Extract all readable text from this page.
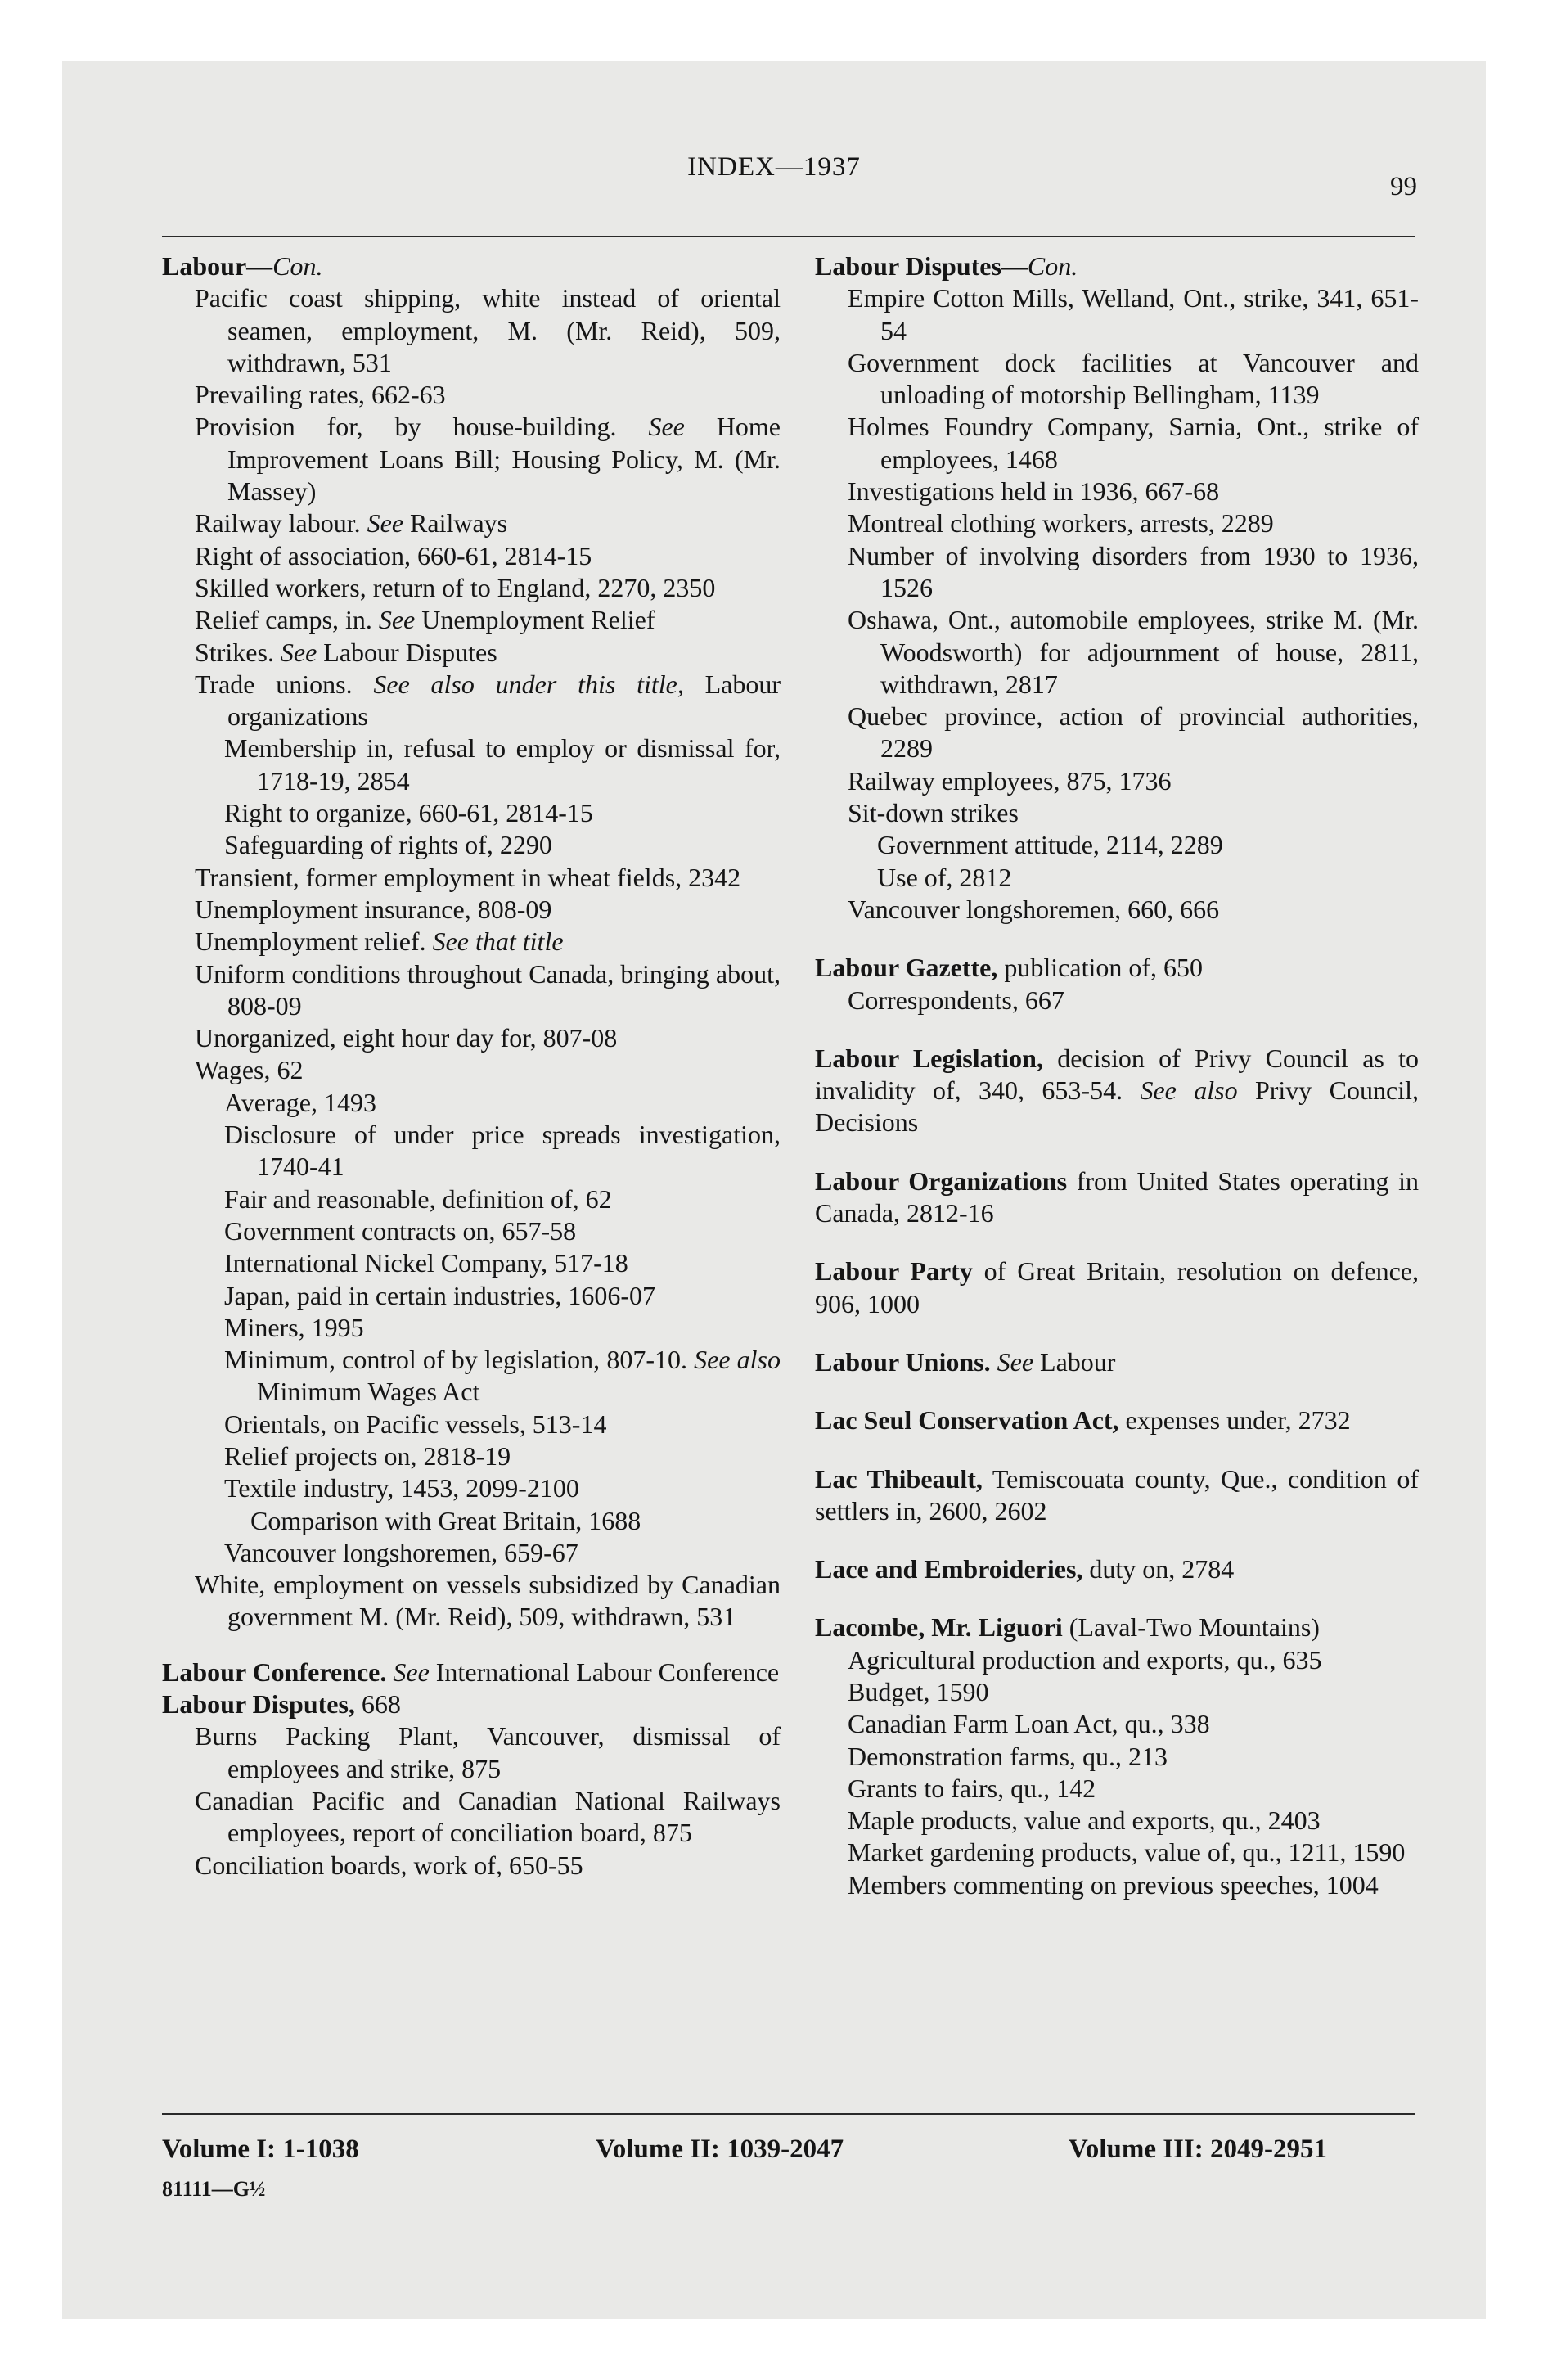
INDEX—1937
99
Labour—Con.
Pacific coast shipping, white instead of oriental seamen, employment, M. (Mr. Reid), 509, withdrawn, 531
Prevailing rates, 662-63
Provision for, by house-building. See Home Improvement Loans Bill; Housing Policy, M. (Mr. Massey)
Railway labour. See Railways
Right of association, 660-61, 2814-15
Skilled workers, return of to England, 2270, 2350
Relief camps, in. See Unemployment Relief
Strikes. See Labour Disputes
Trade unions. See also under this title, Labour organizations
Membership in, refusal to employ or dismissal for, 1718-19, 2854
Right to organize, 660-61, 2814-15
Safeguarding of rights of, 2290
Transient, former employment in wheat fields, 2342
Unemployment insurance, 808-09
Unemployment relief. See that title
Uniform conditions throughout Canada, bringing about, 808-09
Unorganized, eight hour day for, 807-08
Wages, 62
Average, 1493
Disclosure of under price spreads investigation, 1740-41
Fair and reasonable, definition of, 62
Government contracts on, 657-58
International Nickel Company, 517-18
Japan, paid in certain industries, 1606-07
Miners, 1995
Minimum, control of by legislation, 807-10. See also Minimum Wages Act
Orientals, on Pacific vessels, 513-14
Relief projects on, 2818-19
Textile industry, 1453, 2099-2100
Comparison with Great Britain, 1688
Vancouver longshoremen, 659-67
White, employment on vessels subsidized by Canadian government M. (Mr. Reid), 509, withdrawn, 531
Labour Conference. See International Labour Conference
Labour Disputes, 668
Burns Packing Plant, Vancouver, dismissal of employees and strike, 875
Canadian Pacific and Canadian National Railways employees, report of conciliation board, 875
Conciliation boards, work of, 650-55
Labour Disputes—Con.
Empire Cotton Mills, Welland, Ont., strike, 341, 651-54
Government dock facilities at Vancouver and unloading of motorship Bellingham, 1139
Holmes Foundry Company, Sarnia, Ont., strike of employees, 1468
Investigations held in 1936, 667-68
Montreal clothing workers, arrests, 2289
Number of involving disorders from 1930 to 1936, 1526
Oshawa, Ont., automobile employees, strike M. (Mr. Woodsworth) for adjournment of house, 2811, withdrawn, 2817
Quebec province, action of provincial authorities, 2289
Railway employees, 875, 1736
Sit-down strikes
Government attitude, 2114, 2289
Use of, 2812
Vancouver longshoremen, 660, 666
Labour Gazette, publication of, 650
Correspondents, 667
Labour Legislation, decision of Privy Council as to invalidity of, 340, 653-54. See also Privy Council, Decisions
Labour Organizations from United States operating in Canada, 2812-16
Labour Party of Great Britain, resolution on defence, 906, 1000
Labour Unions. See Labour
Lac Seul Conservation Act, expenses under, 2732
Lac Thibeault, Temiscouata county, Que., condition of settlers in, 2600, 2602
Lace and Embroideries, duty on, 2784
Lacombe, Mr. Liguori (Laval-Two Mountains)
Agricultural production and exports, qu., 635
Budget, 1590
Canadian Farm Loan Act, qu., 338
Demonstration farms, qu., 213
Grants to fairs, qu., 142
Maple products, value and exports, qu., 2403
Market gardening products, value of, qu., 1211, 1590
Members commenting on previous speeches, 1004
Volume I: 1-1038	Volume II: 1039-2047	Volume III: 2049-2951
81111—G½
